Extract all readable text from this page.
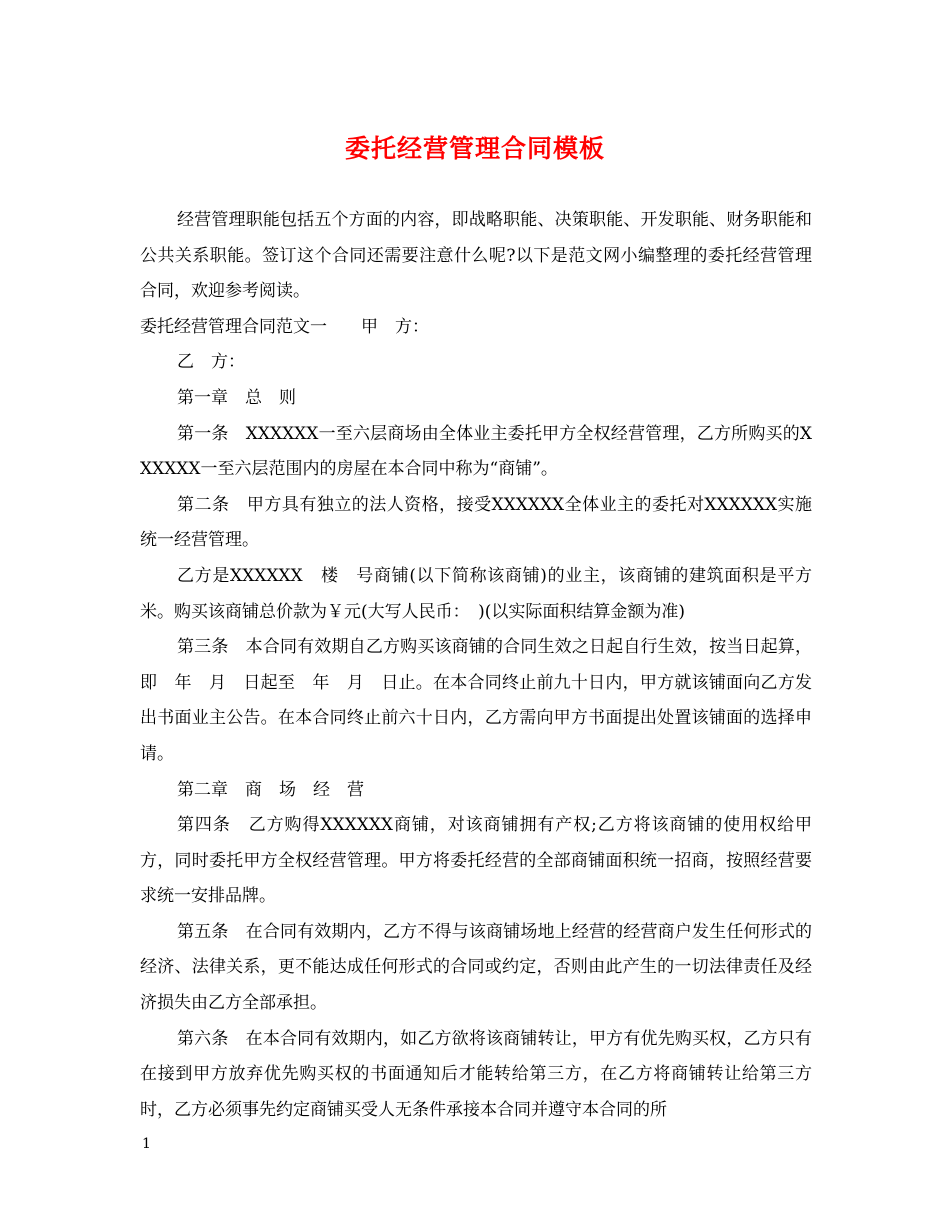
委托经营管理合同模板

经营管理职能包括五个方面的内容，即战略职能、决策职能、开发职能、财务职能和公共关系职能。签订这个合同还需要注意什么呢?以下是范文网小编整理的委托经营管理合同，欢迎参考阅读。

委托经营管理合同范文一　　甲　方：

乙　方：

第一章　总　则

第一条　XXXXXX一至六层商场由全体业主委托甲方全权经营管理，乙方所购买的XXXXXX一至六层范围内的房屋在本合同中称为“商铺”。

第二条　甲方具有独立的法人资格，接受XXXXXX全体业主的委托对XXXXXX实施统一经营管理。

乙方是XXXXXX　楼　号商铺(以下简称该商铺)的业主，该商铺的建筑面积是平方米。购买该商铺总价款为￥元(大写人民币：　)(以实际面积结算金额为准)

第三条　本合同有效期自乙方购买该商铺的合同生效之日起自行生效，按当日起算，即　年　月　日起至　年　月　日止。在本合同终止前九十日内，甲方就该铺面向乙方发出书面业主公告。在本合同终止前六十日内，乙方需向甲方书面提出处置该铺面的选择申请。

第二章　商　场　经　营

第四条　乙方购得XXXXXX商铺，对该商铺拥有产权;乙方将该商铺的使用权给甲方，同时委托甲方全权经营管理。甲方将委托经营的全部商铺面积统一招商，按照经营要求统一安排品牌。

第五条　在合同有效期内，乙方不得与该商铺场地上经营的经营商户发生任何形式的经济、法律关系，更不能达成任何形式的合同或约定，否则由此产生的一切法律责任及经济损失由乙方全部承担。

第六条　在本合同有效期内，如乙方欲将该商铺转让，甲方有优先购买权，乙方只有在接到甲方放弃优先购买权的书面通知后才能转给第三方，在乙方将商铺转让给第三方时，乙方必须事先约定商铺买受人无条件承接本合同并遵守本合同的所

1
